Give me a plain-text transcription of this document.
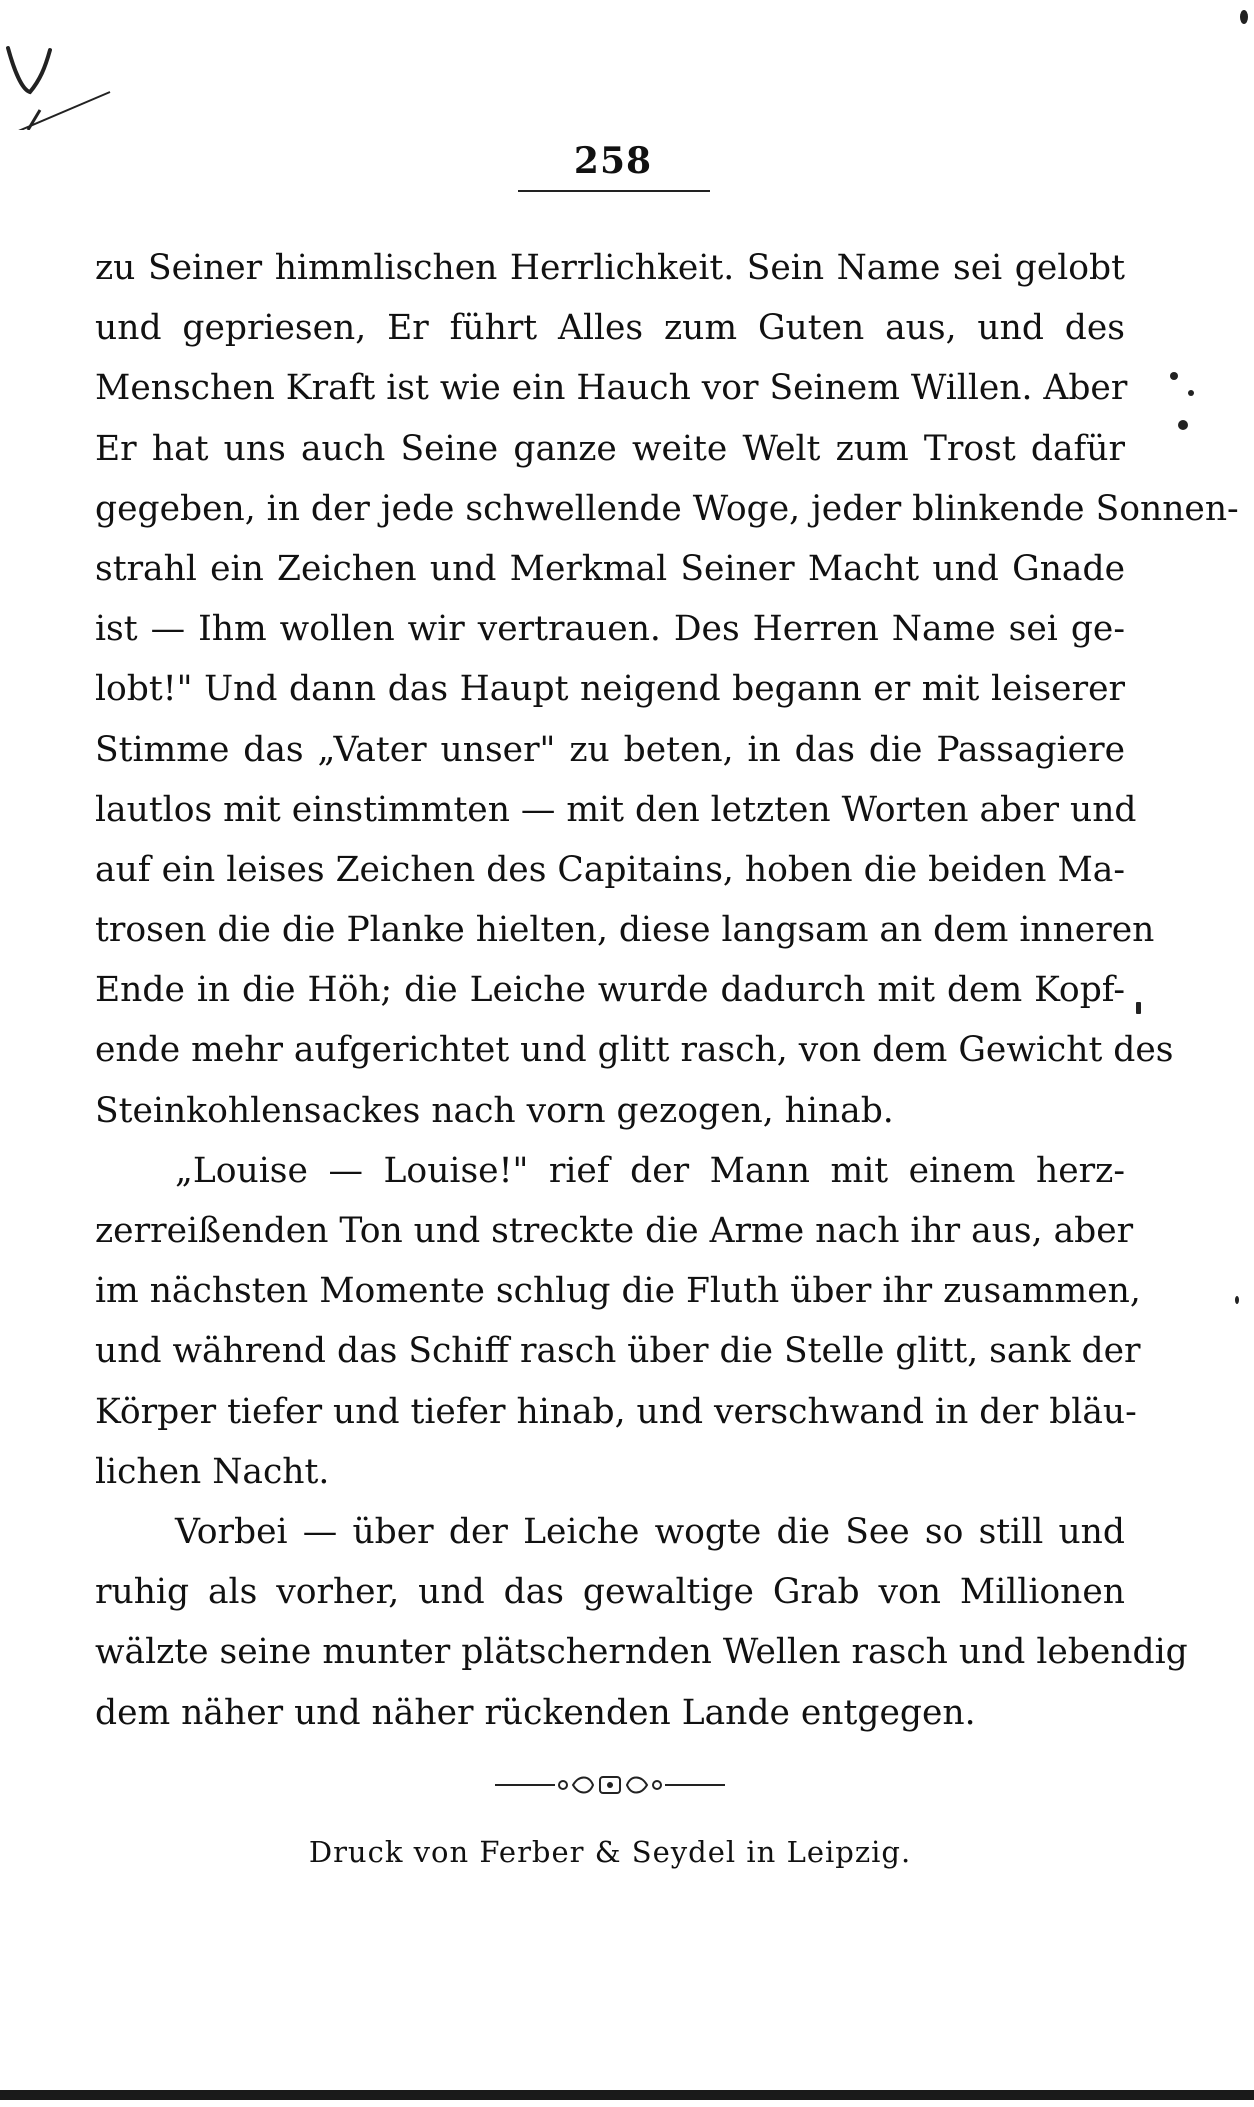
258
zu Seiner himmlischen Herrlichkeit. Sein Name sei gelobt
und gepriesen, Er führt Alles zum Guten aus, und des
Menschen Kraft ist wie ein Hauch vor Seinem Willen. Aber
Er hat uns auch Seine ganze weite Welt zum Trost dafür
gegeben, in der jede schwellende Woge, jeder blinkende Sonnen-
strahl ein Zeichen und Merkmal Seiner Macht und Gnade
ist — Ihm wollen wir vertrauen. Des Herren Name sei ge-
lobt!" Und dann das Haupt neigend begann er mit leiserer
Stimme das „Vater unser" zu beten, in das die Passagiere
lautlos mit einstimmten — mit den letzten Worten aber und
auf ein leises Zeichen des Capitains, hoben die beiden Ma-
trosen die die Planke hielten, diese langsam an dem inneren
Ende in die Höh; die Leiche wurde dadurch mit dem Kopf-
ende mehr aufgerichtet und glitt rasch, von dem Gewicht des
Steinkohlensackes nach vorn gezogen, hinab.
„Louise — Louise!" rief der Mann mit einem herz-
zerreißenden Ton und streckte die Arme nach ihr aus, aber
im nächsten Momente schlug die Fluth über ihr zusammen,
und während das Schiff rasch über die Stelle glitt, sank der
Körper tiefer und tiefer hinab, und verschwand in der bläu-
lichen Nacht.
Vorbei — über der Leiche wogte die See so still und
ruhig als vorher, und das gewaltige Grab von Millionen
wälzte seine munter plätschernden Wellen rasch und lebendig
dem näher und näher rückenden Lande entgegen.
Druck von Ferber & Seydel in Leipzig.
